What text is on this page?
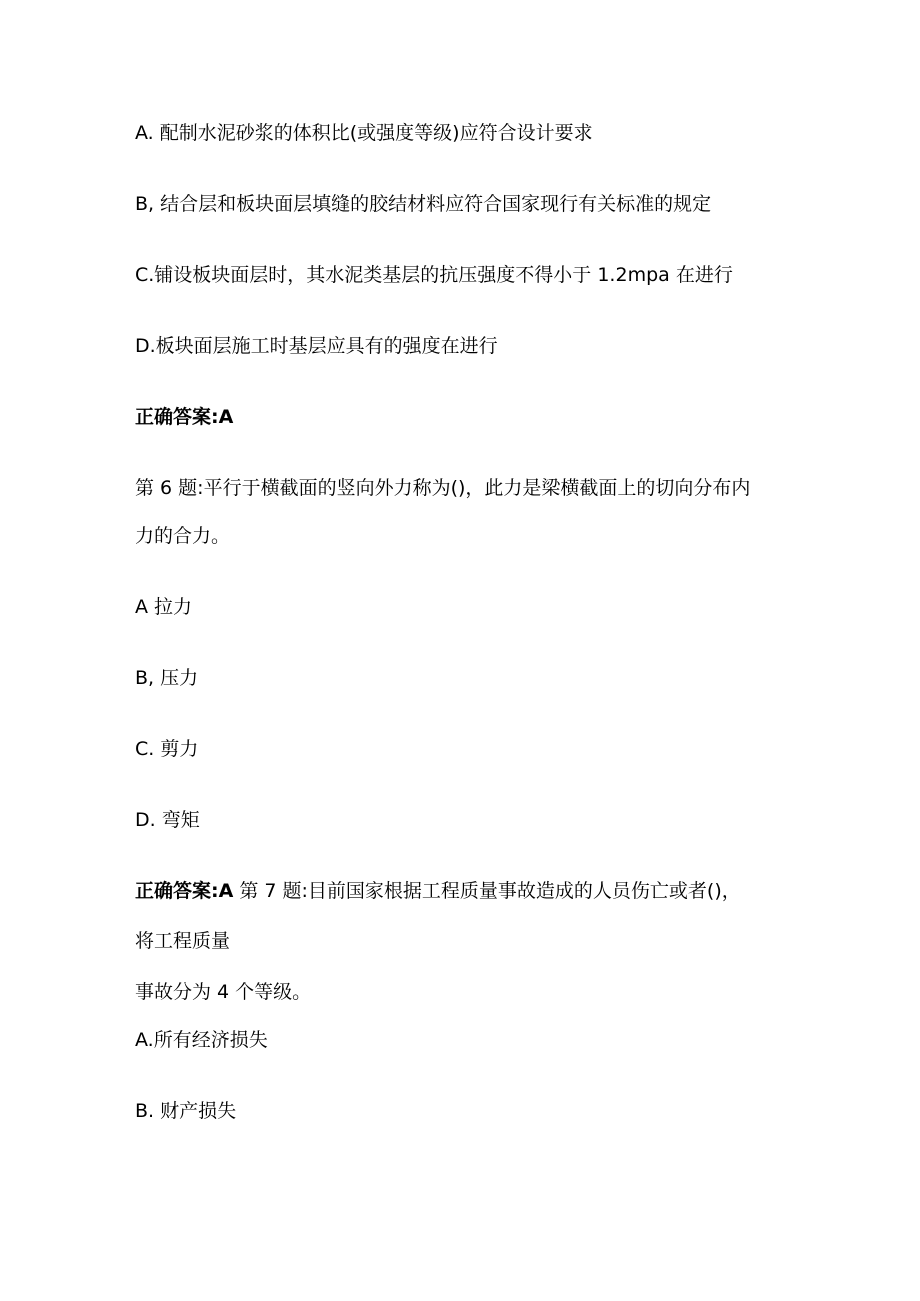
A. 配制水泥砂浆的体积比(或强度等级)应符合设计要求

B, 结合层和板块面层填缝的胶结材料应符合国家现行有关标准的规定

C.铺设板块面层时，其水泥类基层的抗压强度不得小于 1.2mpa 在进行

D.板块面层施工时基层应具有的强度在进行

正确答案:A

第 6 题:平行于横截面的竖向外力称为()，此力是梁横截面上的切向分布内

力的合力。

A 拉力

B, 压力

C. 剪力

D. 弯矩

正确答案:A 第 7 题:目前国家根据工程质量事故造成的人员伤亡或者()，

将工程质量

事故分为 4 个等级。

A.所有经济损失

B. 财产损失
